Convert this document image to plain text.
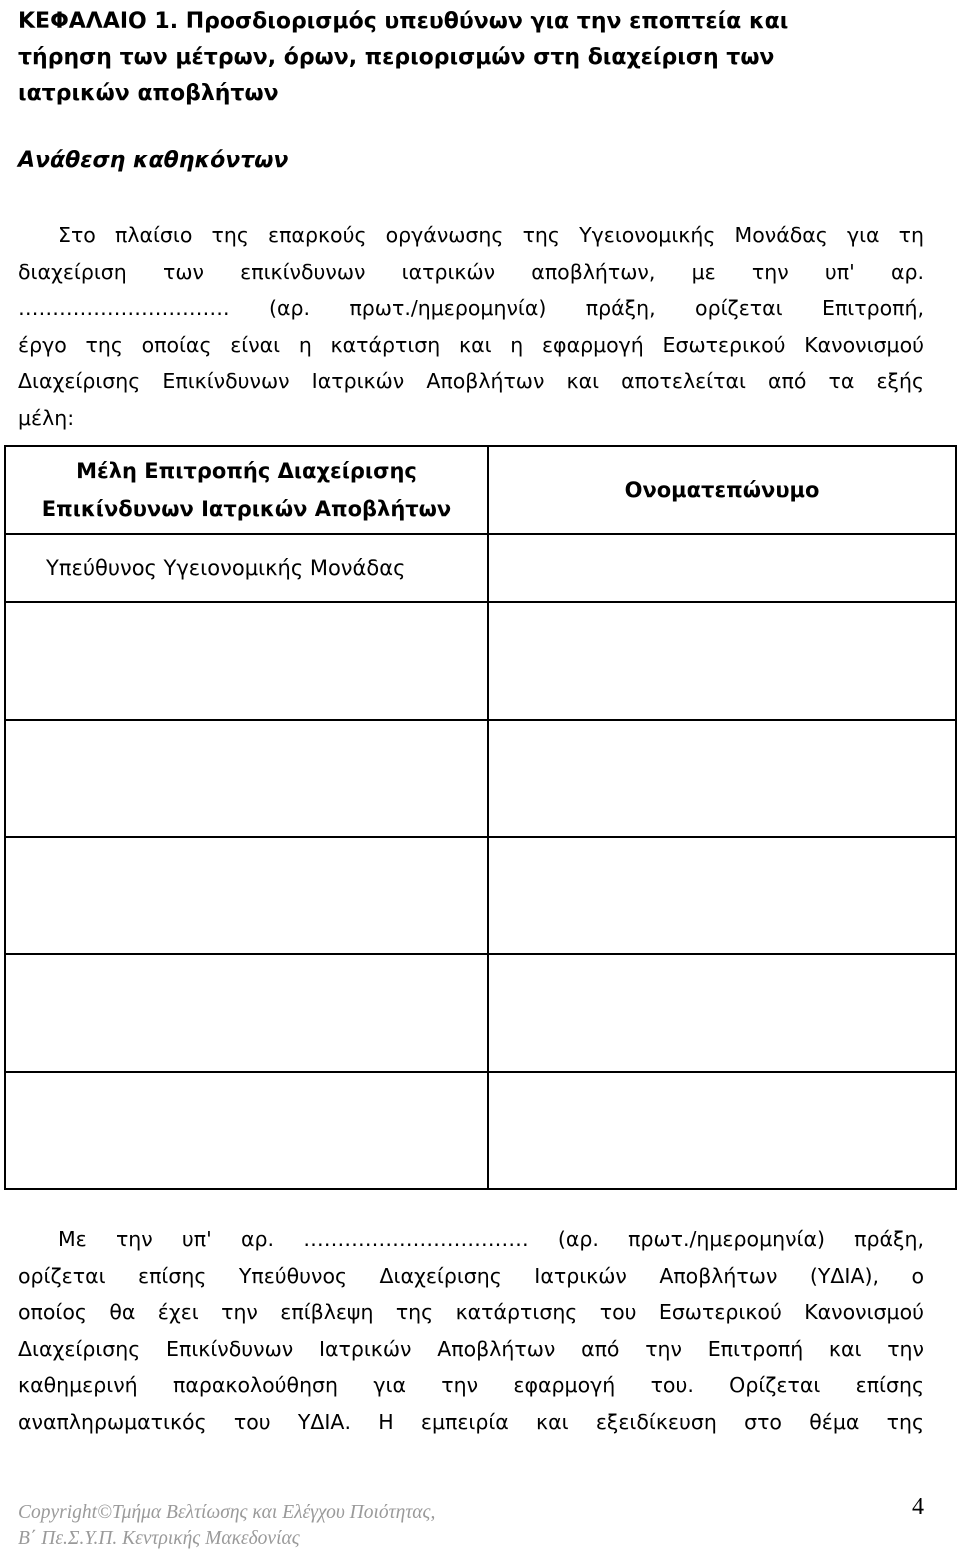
ΚΕΦΑΛΑΙΟ 1. Προσδιορισμός υπευθύνων για την εποπτεία και
τήρηση των μέτρων, όρων, περιορισμών στη διαχείριση των
ιατρικών αποβλήτων
Ανάθεση καθηκόντων

Στο πλαίσιο της επαρκούς οργάνωσης της Υγειονομικής Μονάδας για τη
διαχείριση των επικίνδυνων ιατρικών αποβλήτων, με την υπ' αρ.
…………………………. (αρ. πρωτ./ημερομηνία) πράξη, ορίζεται Επιτροπή,
έργο της οποίας είναι η κατάρτιση και η εφαρμογή Εσωτερικού Κανονισμού
Διαχείρισης Επικίνδυνων Ιατρικών Αποβλήτων και αποτελείται από τα εξής
μέλη:

Μέλη Επιτροπής Διαχείρισης
Επικίνδυνων Ιατρικών Αποβλήτων	Ονοματεπώνυμο
Υπεύθυνος Υγειονομικής Μονάδας	

Με την υπ' αρ. …………………………… (αρ. πρωτ./ημερομηνία) πράξη,
ορίζεται επίσης Υπεύθυνος Διαχείρισης Ιατρικών Αποβλήτων (ΥΔΙΑ), ο
οποίος θα έχει την επίβλεψη της κατάρτισης του Εσωτερικού Κανονισμού
Διαχείρισης Επικίνδυνων Ιατρικών Αποβλήτων από την Επιτροπή και την
καθημερινή παρακολούθηση για την εφαρμογή του. Ορίζεται επίσης
αναπληρωματικός του ΥΔΙΑ. Η εμπειρία και εξειδίκευση στο θέμα της

Copyright©Τμήμα Βελτίωσης και Ελέγχου Ποιότητας,
Β΄ Πε.Σ.Υ.Π. Κεντρικής Μακεδονίας
4
